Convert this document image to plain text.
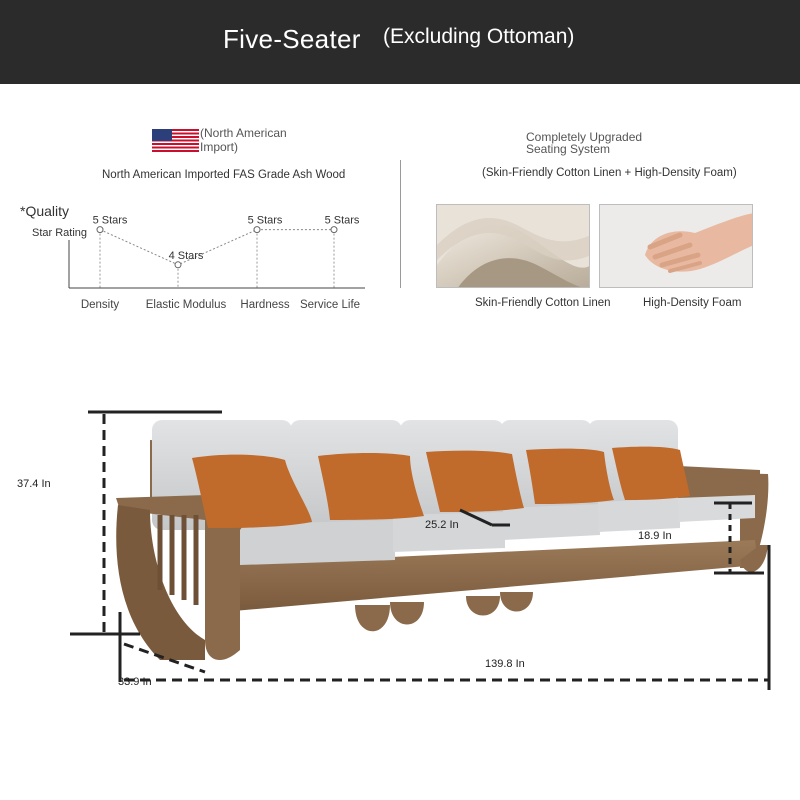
Five-Seater (Excluding Ottoman)
(North American
Import)
North American Imported FAS Grade Ash Wood
*Quality
Star Rating
5 Stars
Density
4 Stars
Elastic Modulus
5 Stars
Hardness
5 Stars
Service Life
Completely Upgraded
Seating System
(Skin-Friendly Cotton Linen + High-Density Foam)
Skin-Friendly Cotton Linen	High-Density Foam
37.4 In
25.2 In
18.9 In
139.8 In
33.9 In
